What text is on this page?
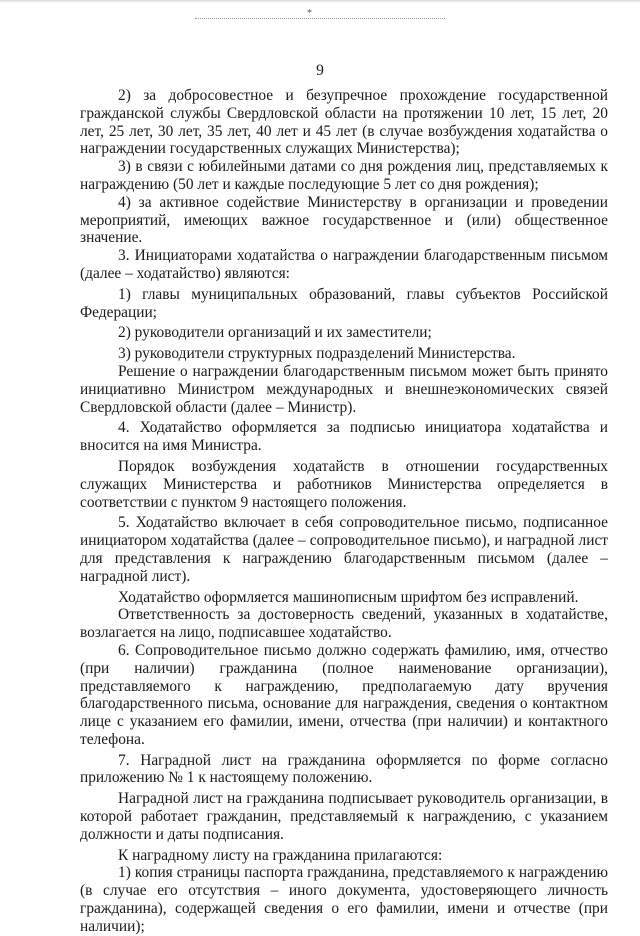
*
9

2) за добросовестное и безупречное прохождение государственной гражданской службы Свердловской области на протяжении 10 лет, 15 лет, 20 лет, 25 лет, 30 лет, 35 лет, 40 лет и 45 лет (в случае возбуждения ходатайства о награждении государственных служащих Министерства);

3) в связи с юбилейными датами со дня рождения лиц, представляемых к награждению (50 лет и каждые последующие 5 лет со дня рождения);

4) за активное содействие Министерству в организации и проведении мероприятий, имеющих важное государственное и (или) общественное значение.

3. Инициаторами ходатайства о награждении благодарственным письмом (далее – ходатайство) являются:

1) главы муниципальных образований, главы субъектов Российской Федерации;

2) руководители организаций и их заместители;

3) руководители структурных подразделений Министерства.

Решение о награждении благодарственным письмом может быть принято инициативно Министром международных и внешнеэкономических связей Свердловской области (далее – Министр).

4. Ходатайство оформляется за подписью инициатора ходатайства и вносится на имя Министра.

Порядок возбуждения ходатайств в отношении государственных служащих Министерства и работников Министерства определяется в соответствии с пунктом 9 настоящего положения.

5. Ходатайство включает в себя сопроводительное письмо, подписанное инициатором ходатайства (далее – сопроводительное письмо), и наградной лист для представления к награждению благодарственным письмом (далее – наградной лист).

Ходатайство оформляется машинописным шрифтом без исправлений.

Ответственность за достоверность сведений, указанных в ходатайстве, возлагается на лицо, подписавшее ходатайство.

6. Сопроводительное письмо должно содержать фамилию, имя, отчество (при наличии) гражданина (полное наименование организации), представляемого к награждению, предполагаемую дату вручения благодарственного письма, основание для награждения, сведения о контактном лице с указанием его фамилии, имени, отчества (при наличии) и контактного телефона.

7. Наградной лист на гражданина оформляется по форме согласно приложению № 1 к настоящему положению.

Наградной лист на гражданина подписывает руководитель организации, в которой работает гражданин, представляемый к награждению, с указанием должности и даты подписания.

К наградному листу на гражданина прилагаются:

1) копия страницы паспорта гражданина, представляемого к награждению (в случае его отсутствия – иного документа, удостоверяющего личность гражданина), содержащей сведения о его фамилии, имени и отчестве (при наличии);
